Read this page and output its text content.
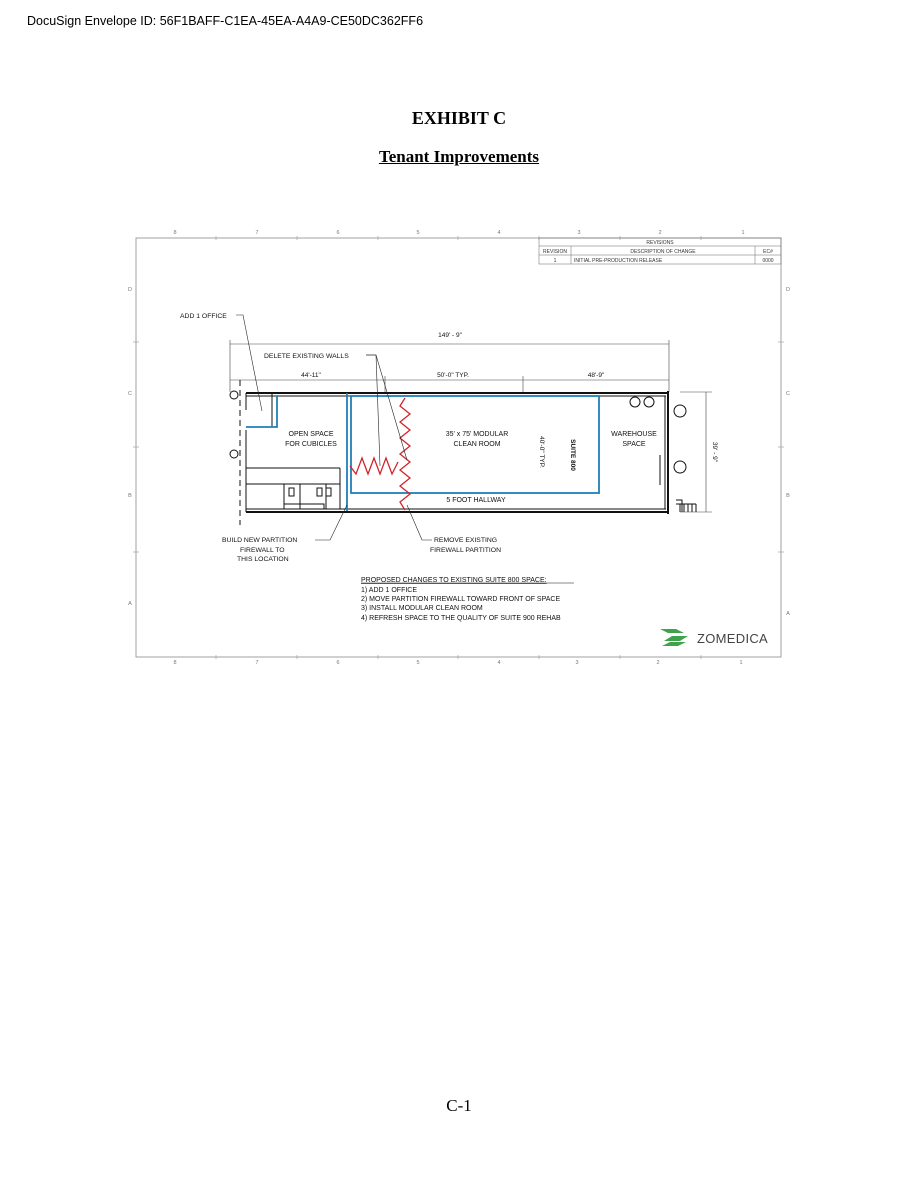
DocuSign Envelope ID: 56F1BAFF-C1EA-45EA-A4A9-CE50DC362FF6
EXHIBIT C
Tenant Improvements
8	7	6	5	4	3	2	1
8	7	6	5	4	3	2	1
D
C
B
A
D
C
B
A
REVISIONS
REVISION	DESCRIPTION OF CHANGE	EC#
1	INITIAL PRE-PRODUCTION RELEASE	0000
149' - 9"
44'-11"	50'-0" TYP.	48'-9"
39' - 9"
40'-0" TYP.	SUITE 800
ADD 1 OFFICE
DELETE EXISTING WALLS
BUILD NEW PARTITION
FIREWALL TO
THIS LOCATION
REMOVE EXISTING
FIREWALL PARTITION
OPEN SPACE
FOR CUBICLES
35' x 75' MODULAR
CLEAN ROOM
WAREHOUSE
SPACE
5 FOOT HALLWAY
PROPOSED CHANGES TO EXISTING SUITE 800 SPACE:
1) ADD 1 OFFICE
2) MOVE PARTITION FIREWALL TOWARD FRONT OF SPACE
3) INSTALL MODULAR CLEAN ROOM
4) REFRESH SPACE TO THE QUALITY OF SUITE 900 REHAB
ZOMEDICA
C-1
